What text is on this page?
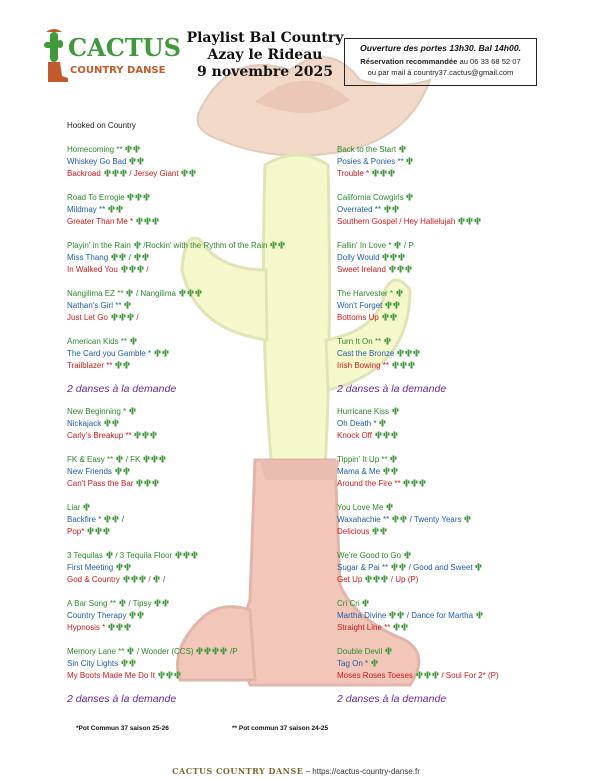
CACTUS
COUNTRY DANSE
Playlist Bal Country
Azay le Rideau
9 novembre 2025
Ouverture des portes 13h30. Bal 14h00.
Réservation recommandée au 06 33 68 52 07
ou par mail à country37.cactus@gmail.com
Hooked on Country
Homecoming **
Whiskey Go Bad
Backroad	/ Jersey Giant
Road To Errogie
Mildmay **
Greater Than Me *
Playin' in the Rain  /Rockin' with the Rythm of the Rain
Miss Thang  /
In Walked You	/
Nangilima EZ **  / Nangilima
Nathan's Girl **
Just Let Go	/
American Kids **
The Card you Gamble *
Trailblazer **
2 danses à la demande
New Beginning *
Nickajack
Carly's Breakup **
FK & Easy **  / FK
New Friends
Can't Pass the Bar
Liar
Backfire *  /
Pop*
3 Tequilas  / 3 Tequila Floor
First Meeting
God & Country	/  /
A Bar Song **  / Tipsy
Country Therapy
Hypnosis *
Memory Lane **  / Wonder (CCS)	/P
Sin City Lights
My Boots Made Me Do It
2 danses à la demande
Back to the Start
Posies & Ponies **
Trouble *
California Cowgirls
Overrated **
Southern Gospel / Hey Hallelujah
Fallin' In Love *  / P
Dolly Would
Sweet Ireland
The Harvester *
Won't Forget
Bottoms Up
Turn It On **
Cast the Bronze
Irish Bowing **
2 danses à la demande
Hurricane Kiss
Oh Death *
Knock Off
Tippin' It Up **
Mama & Me
Around the Fire **
You Love Me
Waxahachie **  / Twenty Years
Delicious
We're Good to Go
Sugar & Pai **  / Good and Sweet
Get Up	/ Up (P)
Cri Cri
Martha Divine  / Dance for Martha
Straight Line **
Double Devil
Tag On *
Moses Roses Toeses	/ Soul For 2* (P)
2 danses à la demande
*Pot Commun 37 saison 25-26	** Pot commun 37 saison 24-25
CACTUS COUNTRY DANSE – https://cactus-country-danse.fr
